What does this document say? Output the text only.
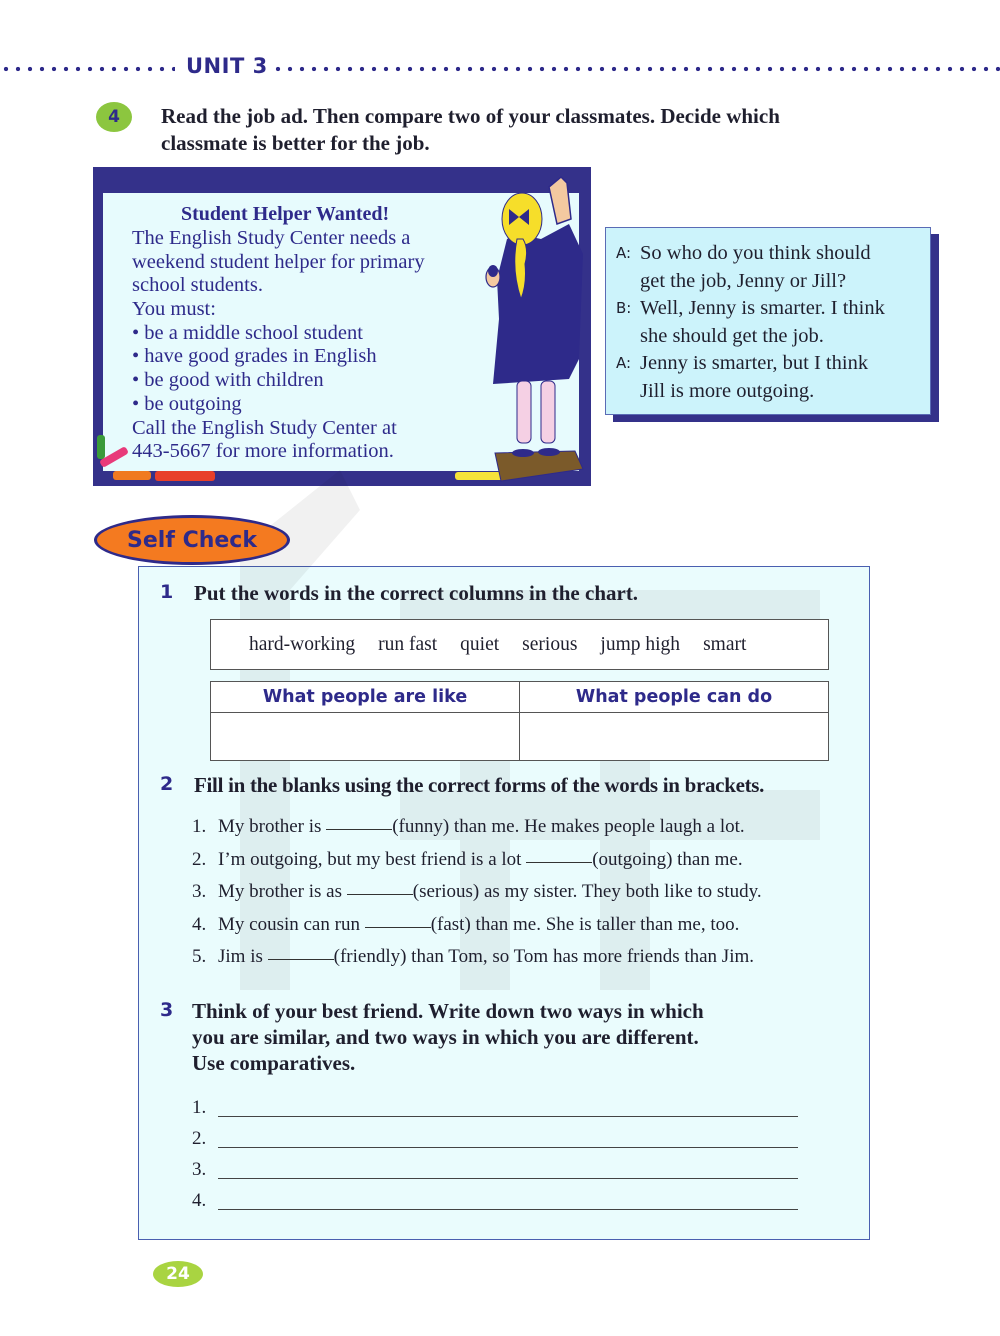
UNIT 3
4	Read the job ad. Then compare two of your classmates. Decide which
classmate is better for the job.
Student Helper Wanted!
The English Study Center needs a
weekend student helper for primary
school students.
You must:
• be a middle school student
• have good grades in English
• be good with children
• be outgoing
Call the English Study Center at
443-5667 for more information.
A: So who do you think should
get the job, Jenny or Jill?
B: Well, Jenny is smarter. I think
she should get the job.
A: Jenny is smarter, but I think
Jill is more outgoing.
Self Check
1 Put the words in the correct columns in the chart.
hard-working run fast quiet serious jump high smart
What people are like	What people can do

2 Fill in the blanks using the correct forms of the words in brackets.
1. My brother is
	(funny) than me. He makes people laugh a lot.
2. I’m outgoing, but my best friend is a lot
	(outgoing) than me.
3. My brother is as
	(serious) as my sister. They both like to study.
4. My cousin can run
	(fast) than me. She is taller than me, too.
5. Jim is
	(friendly) than Tom, so Tom has more friends than Jim.
3 Think of your best friend. Write down two ways in which
you are similar, and two ways in which you are different.
Use comparatives.
1.
2.
3.
4.
24
